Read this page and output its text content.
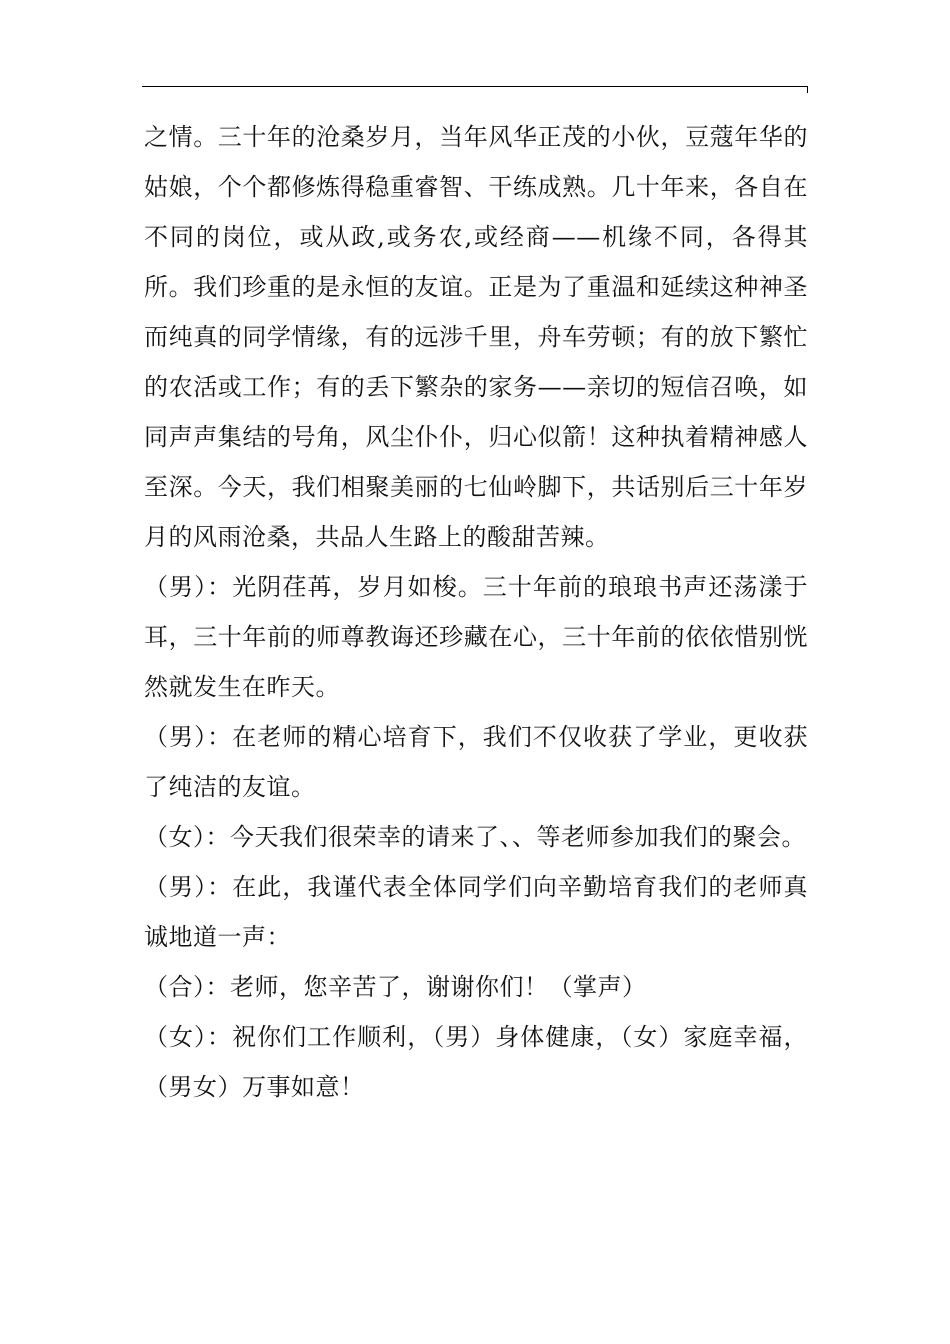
之情。三十年的沧桑岁月，当年风华正茂的小伙，豆蔻年华的姑娘，个个都修炼得稳重睿智、干练成熟。几十年来，各自在不同的岗位，或从政,或务农,或经商——机缘不同，各得其所。我们珍重的是永恒的友谊。正是为了重温和延续这种神圣而纯真的同学情缘，有的远涉千里，舟车劳顿；有的放下繁忙的农活或工作；有的丢下繁杂的家务——亲切的短信召唤，如同声声集结的号角，风尘仆仆，归心似箭！这种执着精神感人至深。今天，我们相聚美丽的七仙岭脚下，共话别后三十年岁月的风雨沧桑，共品人生路上的酸甜苦辣。

（男）：光阴荏苒，岁月如梭。三十年前的琅琅书声还荡漾于耳，三十年前的师尊教诲还珍藏在心，三十年前的依依惜别恍然就发生在昨天。

（男）：在老师的精心培育下，我们不仅收获了学业，更收获了纯洁的友谊。

（女）：今天我们很荣幸的请来了、、等老师参加我们的聚会。

（男）：在此，我谨代表全体同学们向辛勤培育我们的老师真诚地道一声：

（合）：老师，您辛苦了，谢谢你们！（掌声）

（女）：祝你们工作顺利，（男）身体健康，（女）家庭幸福，（男女）万事如意！
